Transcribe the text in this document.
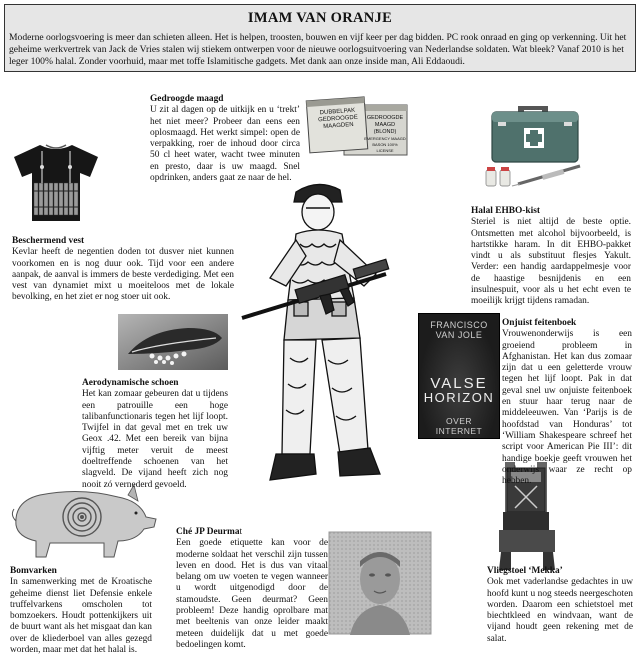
IMAM VAN ORANJE
Moderne oorlogsvoering is meer dan schieten alleen. Het is helpen, troosten, bouwen en vijf keer per dag bidden. PC rook onraad en ging op verkenning. Uit het geheime werkvertrek van Jack de Vries stalen wij stiekem ontwerpen voor de nieuwe oorlogsuitvoering van Nederlandse soldaten. Wat bleek? Vanaf 2010 is het leger 100% halal. Zonder voorhuid, maar met toffe Islamitische gadgets. Met dank aan onze inside man, Ali Eddaoudi.
DUBBELPAK
GEDROOGDE
MAAGDEN
GEDROOGDE
MAAGD (BLOND)
EMERGENCY MAAGD
BASON 100% LICENSE
FRANCISCO VAN JOLE
VALSE
HORIZON
OVER INTERNET
Gedroogde maagd
U zit al dagen op de uitkijk en u ‘trekt’ het niet meer? Probeer dan eens een oplosmaagd. Het werkt simpel: open de verpakking, roer de inhoud door circa 50 cl heet water, wacht twee minuten en presto, daar is uw maagd. Snel opdrinken, anders gaat ze naar de hel.
Beschermend vest
Kevlar heeft de negentien doden tot dusver niet kunnen voorkomen en is nog duur ook. Tijd voor een andere aanpak, de aanval is immers de beste verdediging. Met een vest van dynamiet mixt u moeiteloos met de lokale bevolking, en het ziet er nog stoer uit ook.
Halal EHBO-kist
Steriel is niet altijd de beste optie. Ontsmetten met alcohol bijvoorbeeld, is hartstikke haram. In dit EHBO-pakket vindt u als substituut flesjes Yakult. Verder: een handig aardappelmesje voor de haastige besnijdenis en een insulnespuit, voor als u het echt even te moeilijk krijgt tijdens ramadan.
Aerodynamische schoen
Het kan zomaar gebeuren dat u tijdens een patrouille een hoge talibanfunctionaris tegen het lijf loopt. Twijfel in dat geval met en trek uw Geox .42. Met een bereik van bijna vijftig meter veruit de meest doeltreffende schoenen van het slagveld. De vijand heeft zich nog nooit zó vernederd gevoeld.
Onjuist feitenboek
Vrouwenonderwijs is een groeiend probleem in Afghanistan. Het kan dus zomaar zijn dat u een geletterde vrouw tegen het lijf loopt. Pak in dat geval snel uw onjuiste feitenboek en stuur haar terug naar de middeleeuwen. Van ‘Parijs is de hoofdstad van Honduras’ tot ‘William Shakespeare schreef het script voor American Pie III’: dit handige boekje geeft vrouwen het onderwijs waar ze recht op hebben.
Bomvarken
In samenwerking met de Kroatische geheime dienst liet Defensie enkele truffelvarkens omscholen tot bomzoekers. Houdt pottenkijkers uit de buurt want als het misgaat dan kan over de kliederboel van alles gezegd worden, maar met dat het halal is.
Ché JP Deurmat
Een goede etiquette kan voor de moderne soldaat het verschil zijn tussen leven en dood. Het is dus van vitaal belang om uw voeten te vegen wanneer u wordt uitgenodigd door de stamoudste. Geen deurmat? Geen probleem! Deze handig oprolbare mat met beeltenis van onze leider maakt meteen duidelijk dat u met goede bedoelingen komt.
Vliegstoel ‘Mekka’
Ook met vaderlandse gedachtes in uw hoofd kunt u nog steeds neergeschoten worden. Daarom een schietstoel met biechtkleed en windvaan, want de vijand houdt geen rekening met de salat.
